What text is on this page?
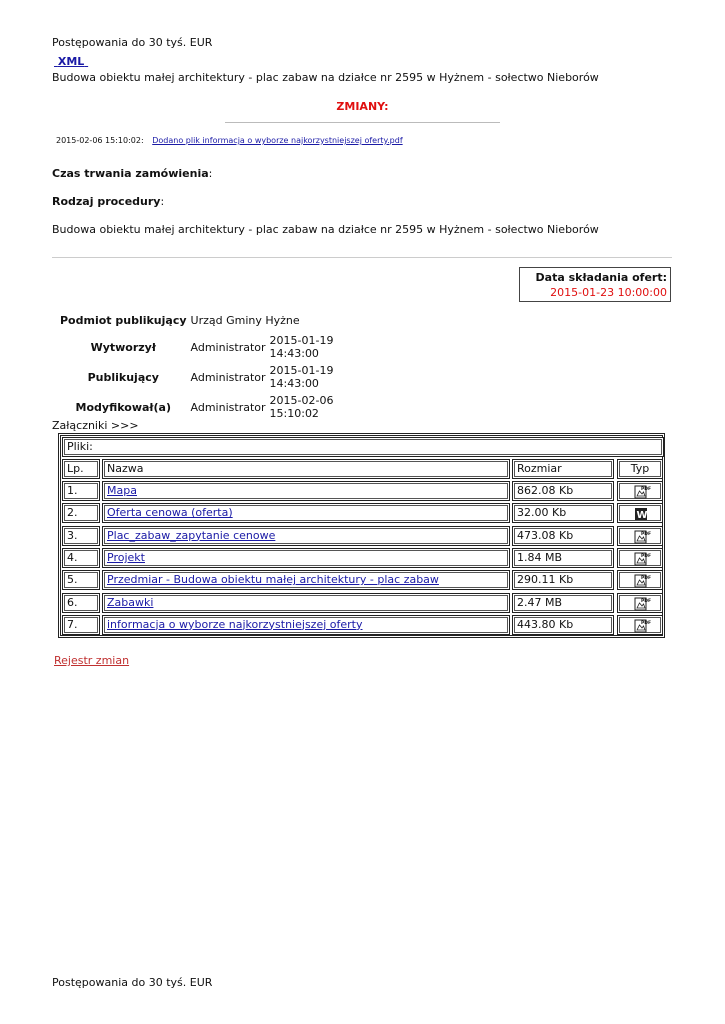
Postępowania do 30 tyś. EUR
XML
Budowa obiektu małej architektury - plac zabaw na działce nr 2595 w Hyżnem - sołectwo Nieborów
ZMIANY:
2015-02-06 15:10:02: Dodano plik informacja o wyborze najkorzystniejszej oferty.pdf
Czas trwania zamówienia:
Rodzaj procedury:
Budowa obiektu małej architektury - plac zabaw na działce nr 2595 w Hyżnem - sołectwo Nieborów
Data składania ofert:
2015-01-23 10:00:00
Podmiot publikujący	Urząd Gminy Hyżne	
Wytworzył	Administrator	2015-01-19
14:43:00
Publikujący	Administrator	2015-01-19
14:43:00
Modyfikował(a)	Administrator	2015-02-06
15:10:02
Załączniki >>>
Pliki:
Lp.	Nazwa	Rozmiar	Typ
1.	Mapa	862.08 Kb	PDF
2.	Oferta cenowa (oferta)	32.00 Kb	W
3.	Plac_zabaw_zapytanie cenowe	473.08 Kb	PDF
4.	Projekt	1.84 MB	PDF
5.	Przedmiar - Budowa obiektu małej architektury - plac zabaw	290.11 Kb	PDF
6.	Zabawki	2.47 MB	PDF
7.	informacja o wyborze najkorzystniejszej oferty	443.80 Kb	PDF
Rejestr zmian
Postępowania do 30 tyś. EUR
